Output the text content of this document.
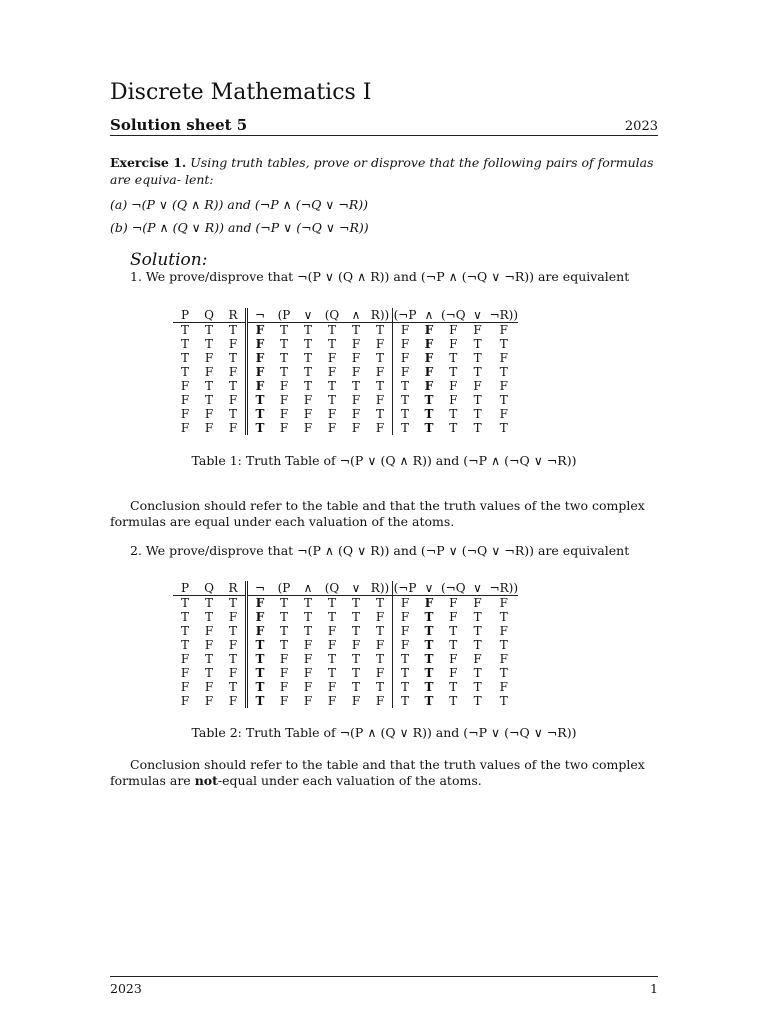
Discrete Mathematics I
Solution sheet 5	2023
Exercise 1. Using truth tables, prove or disprove that the following pairs of formulas are equiva- lent:
(a) ¬(P ∨ (Q ∧ R)) and (¬P ∧ (¬Q ∨ ¬R))
(b) ¬(P ∧ (Q ∨ R)) and (¬P ∨ (¬Q ∨ ¬R))
Solution:
1. We prove/disprove that ¬(P ∨ (Q ∧ R)) and (¬P ∧ (¬Q ∨ ¬R)) are equivalent
P	Q	R	¬	(P	∨	(Q	∧	R))	(¬P	∧	(¬Q	∨	¬R))
T	T	T	F	T	T	T	T	T	F	F	F	F	F
T	T	F	F	T	T	T	F	F	F	F	F	T	T
T	F	T	F	T	T	F	F	T	F	F	T	T	F
T	F	F	F	T	T	F	F	F	F	F	T	T	T
F	T	T	F	F	T	T	T	T	T	F	F	F	F
F	T	F	T	F	F	T	F	F	T	T	F	T	T
F	F	T	T	F	F	F	F	T	T	T	T	T	F
F	F	F	T	F	F	F	F	F	T	T	T	T	T
Table 1: Truth Table of ¬(P ∨ (Q ∧ R)) and (¬P ∧ (¬Q ∨ ¬R))
Conclusion should refer to the table and that the truth values of the two complex formulas are equal under each valuation of the atoms.
2. We prove/disprove that ¬(P ∧ (Q ∨ R)) and (¬P ∨ (¬Q ∨ ¬R)) are equivalent
P	Q	R	¬	(P	∧	(Q	∨	R))	(¬P	∨	(¬Q	∨	¬R))
T	T	T	F	T	T	T	T	T	F	F	F	F	F
T	T	F	F	T	T	T	T	F	F	T	F	T	T
T	F	T	F	T	T	F	T	T	F	T	T	T	F
T	F	F	T	T	F	F	F	F	F	T	T	T	T
F	T	T	T	F	F	T	T	T	T	T	F	F	F
F	T	F	T	F	F	T	T	F	T	T	F	T	T
F	F	T	T	F	F	F	T	T	T	T	T	T	F
F	F	F	T	F	F	F	F	F	T	T	T	T	T
Table 2: Truth Table of ¬(P ∧ (Q ∨ R)) and (¬P ∨ (¬Q ∨ ¬R))
Conclusion should refer to the table and that the truth values of the two complex formulas are not-equal under each valuation of the atoms.
2023	1
